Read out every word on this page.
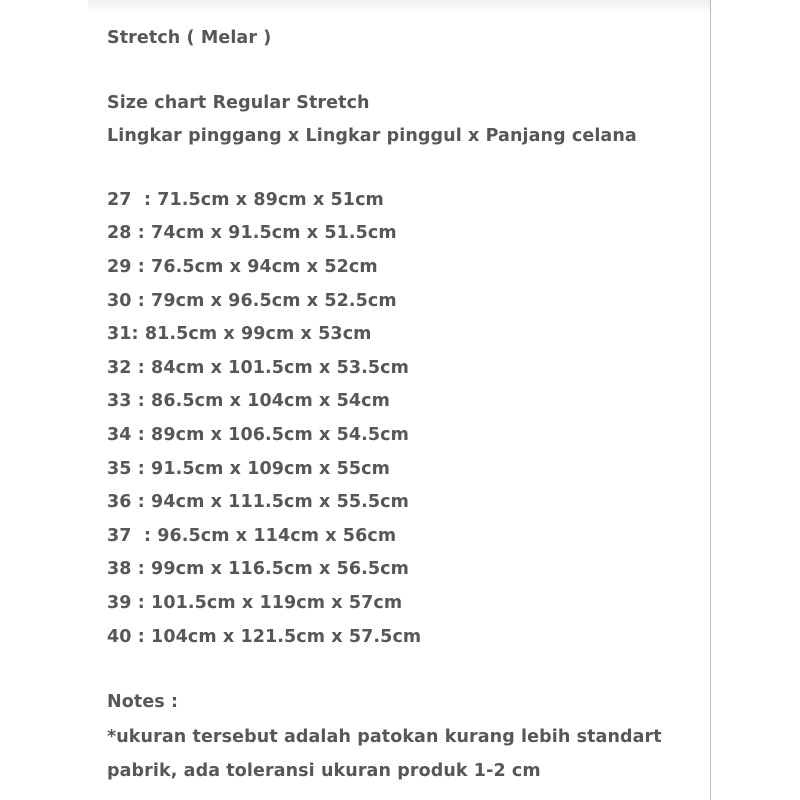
Stretch ( Melar )
Size chart Regular Stretch
Lingkar pinggang x Lingkar pinggul x Panjang celana
27  : 71.5cm x 89cm x 51cm
28 : 74cm x 91.5cm x 51.5cm
29 : 76.5cm x 94cm x 52cm
30 : 79cm x 96.5cm x 52.5cm
31: 81.5cm x 99cm x 53cm
32 : 84cm x 101.5cm x 53.5cm
33 : 86.5cm x 104cm x 54cm
34 : 89cm x 106.5cm x 54.5cm
35 : 91.5cm x 109cm x 55cm
36 : 94cm x 111.5cm x 55.5cm
37  : 96.5cm x 114cm x 56cm
38 : 99cm x 116.5cm x 56.5cm
39 : 101.5cm x 119cm x 57cm
40 : 104cm x 121.5cm x 57.5cm
Notes :
*ukuran tersebut adalah patokan kurang lebih standart
pabrik, ada toleransi ukuran produk 1-2 cm
